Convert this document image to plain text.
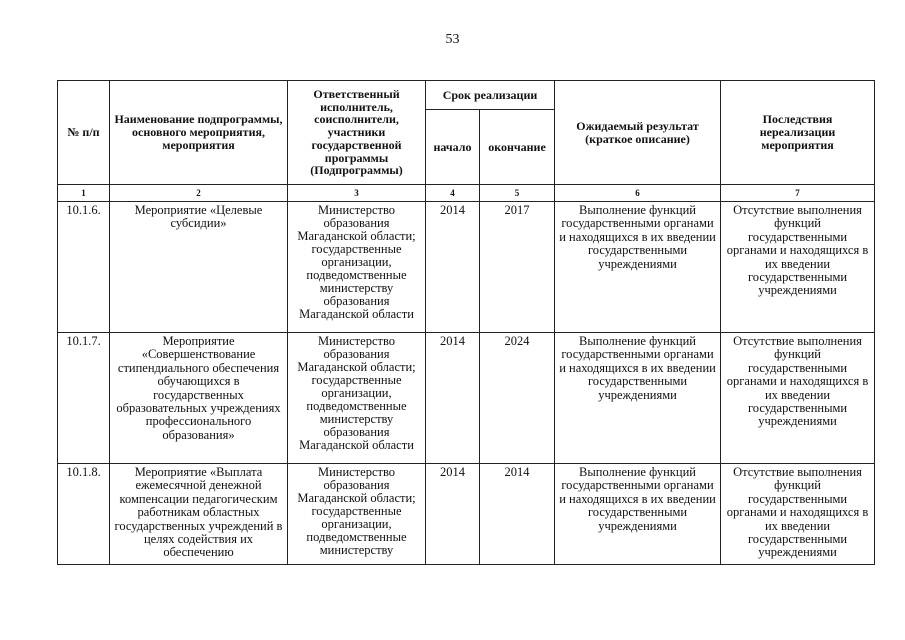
53
№ п/п	Наименование подпрограммы, основного мероприятия, мероприятия	Ответственный исполнитель, соисполнители, участники государственной программы (Подпрограммы)	Срок реализации		Ожидаемый результат (краткое описание)	Последствия нереализации мероприятия
			начало	окончание		
1	2	3	4	5	6	7
10.1.6.	Мероприятие «Целевые субсидии»	Министерство образования Магаданской области; государственные организации, подведомственные министерству образования Магаданской области	2014	2017	Выполнение функций государственными органами и находящихся в их введении государственными учреждениями	Отсутствие выполнения функций государственными органами и находящихся в их введении государственными учреждениями
10.1.7.	Мероприятие «Совершенствование стипендиального обеспечения обучающихся в государственных образовательных учреждениях профессионального образования»	Министерство образования Магаданской области; государственные организации, подведомственные министерству образования Магаданской области	2014	2024	Выполнение функций государственными органами и находящихся в их введении государственными учреждениями	Отсутствие выполнения функций государственными органами и находящихся в их введении государственными учреждениями
10.1.8.	Мероприятие «Выплата ежемесячной денежной компенсации педагогическим работникам областных государственных учреждений в целях содействия их обеспечению	Министерство образования Магаданской области; государственные организации, подведомственные министерству	2014	2014	Выполнение функций государственными органами и находящихся в их введении государственными учреждениями	Отсутствие выполнения функций государственными органами и находящихся в их введении государственными учреждениями
